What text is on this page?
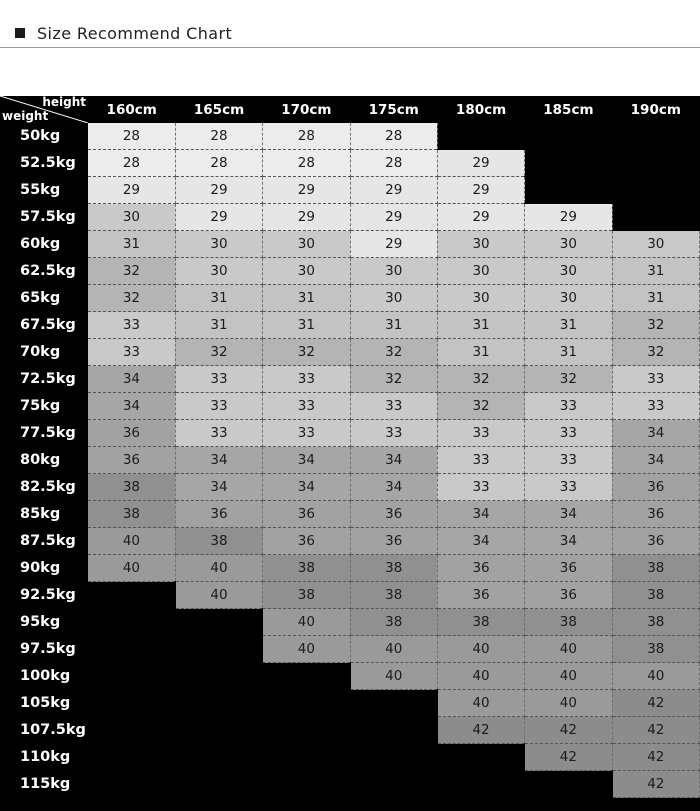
Size Recommend Chart
height
weight	160cm	165cm	170cm	175cm	180cm	185cm	190cm
50kg	28	28	28	28			
52.5kg	28	28	28	28	29		
55kg	29	29	29	29	29		
57.5kg	30	29	29	29	29	29	
60kg	31	30	30	29	30	30	30
62.5kg	32	30	30	30	30	30	31
65kg	32	31	31	30	30	30	31
67.5kg	33	31	31	31	31	31	32
70kg	33	32	32	32	31	31	32
72.5kg	34	33	33	32	32	32	33
75kg	34	33	33	33	32	33	33
77.5kg	36	33	33	33	33	33	34
80kg	36	34	34	34	33	33	34
82.5kg	38	34	34	34	33	33	36
85kg	38	36	36	36	34	34	36
87.5kg	40	38	36	36	34	34	36
90kg	40	40	38	38	36	36	38
92.5kg		40	38	38	36	36	38
95kg			40	38	38	38	38
97.5kg			40	40	40	40	38
100kg				40	40	40	40
105kg					40	40	42
107.5kg					42	42	42
110kg						42	42
115kg							42
